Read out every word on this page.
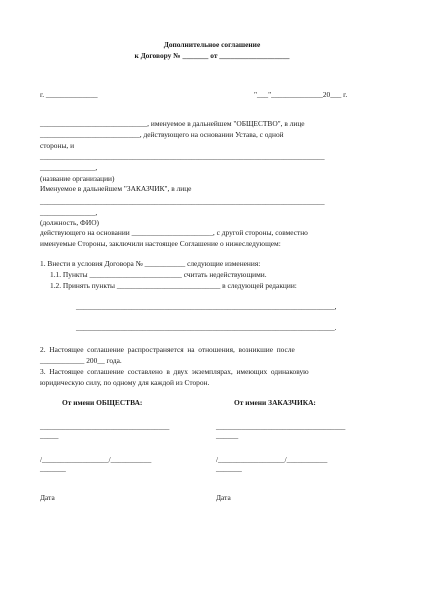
Дополнительное соглашение
к Договору № _______ от ___________________
г. ______________	"___"______________20___ г.
_____________________________, именуемое в дальнейшем "ОБЩЕСТВО", в лице
___________________________, действующего на основании Устава, с одной
стороны, и
_____________________________________________________________________________
_______________,
(название организации)
Именуемое в дальнейшем "ЗАКАЗЧИК", в лице
_____________________________________________________________________________
_______________,
(должность, ФИО)
действующего на основании ______________________, с другой стороны, совместно
именуемые Стороны, заключили настоящее Соглашение о нижеследующем:
1. Внести в условия Договора № ___________ следующие изменения:
1.1. Пункты _________________________ считать недействующими.
1.2. Принять пункты ____________________________ в следующей редакции:
______________________________________________________________________,
______________________________________________________________________.
2.  Настоящее  соглашение  распространяется  на  отношения,  возникшие  после
____________ 200__ года.
3.  Настоящее  соглашение  составлено  в  двух  экземплярах,  имеющих  одинаковую
юридическую силу, по одному для каждой из Сторон.
От имени ОБЩЕСТВА:	От имени ЗАКАЗЧИКА:
___________________________________
_____
___________________________________
______
/__________________/___________
_______
/__________________/___________
_______
Дата	Дата
